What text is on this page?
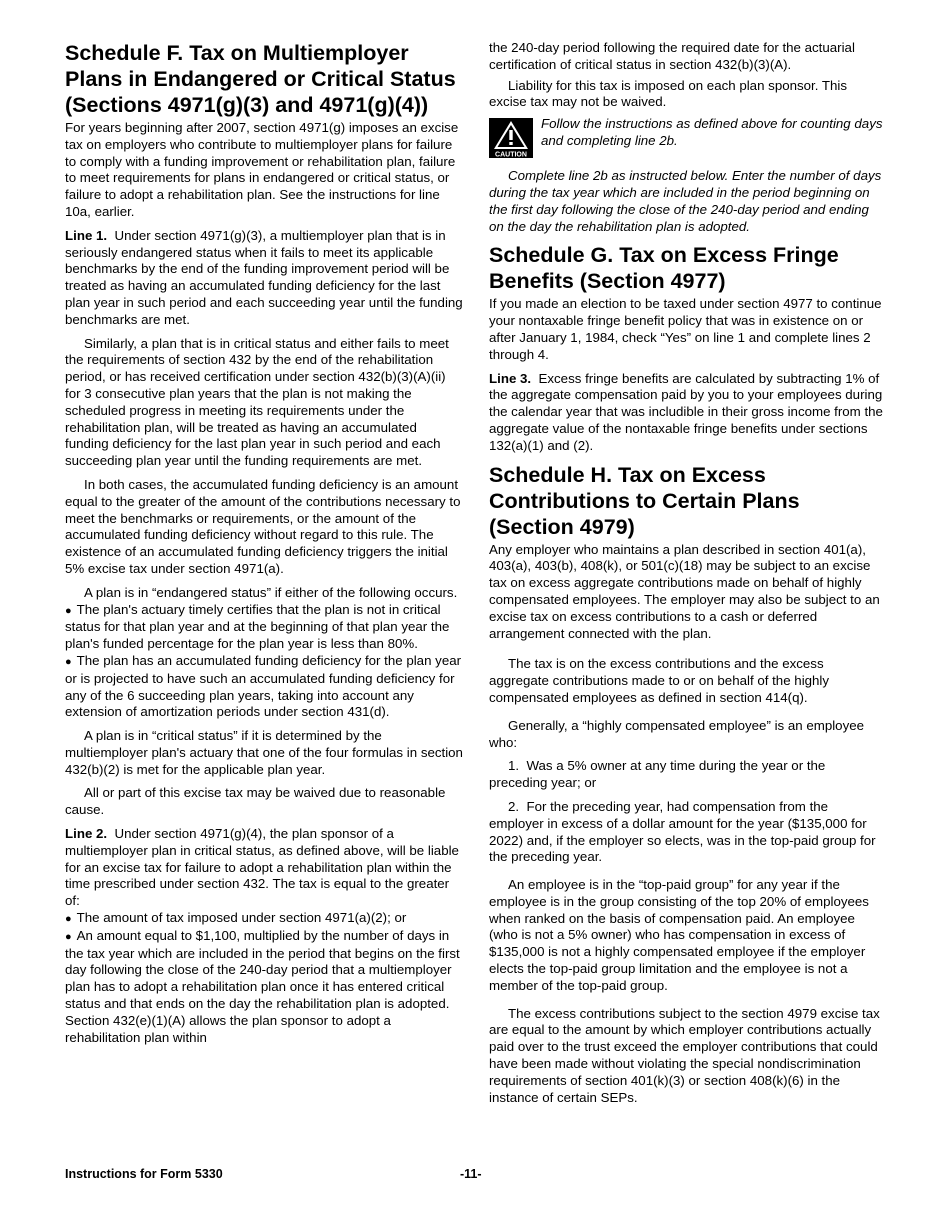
Schedule F. Tax on Multiemployer Plans in Endangered or Critical Status (Sections 4971(g)(3) and 4971(g)(4))

For years beginning after 2007, section 4971(g) imposes an excise tax on employers who contribute to multiemployer plans for failure to comply with a funding improvement or rehabilitation plan, failure to meet requirements for plans in endangered or critical status, or failure to adopt a rehabilitation plan. See the instructions for line 10a, earlier.

Line 1. Under section 4971(g)(3), a multiemployer plan that is in seriously endangered status when it fails to meet its applicable benchmarks by the end of the funding improvement period will be treated as having an accumulated funding deficiency for the last plan year in such period and each succeeding year until the funding benchmarks are met.

Similarly, a plan that is in critical status and either fails to meet the requirements of section 432 by the end of the rehabilitation period, or has received certification under section 432(b)(3)(A)(ii) for 3 consecutive plan years that the plan is not making the scheduled progress in meeting its requirements under the rehabilitation plan, will be treated as having an accumulated funding deficiency for the last plan year in such period and each succeeding plan year until the funding requirements are met.

In both cases, the accumulated funding deficiency is an amount equal to the greater of the amount of the contributions necessary to meet the benchmarks or requirements, or the amount of the accumulated funding deficiency without regard to this rule. The existence of an accumulated funding deficiency triggers the initial 5% excise tax under section 4971(a).

A plan is in “endangered status” if either of the following occurs.

● The plan's actuary timely certifies that the plan is not in critical status for that plan year and at the beginning of that plan year the plan's funded percentage for the plan year is less than 80%.
● The plan has an accumulated funding deficiency for the plan year or is projected to have such an accumulated funding deficiency for any of the 6 succeeding plan years, taking into account any extension of amortization periods under section 431(d).

A plan is in “critical status” if it is determined by the multiemployer plan's actuary that one of the four formulas in section 432(b)(2) is met for the applicable plan year.

All or part of this excise tax may be waived due to reasonable cause.

Line 2. Under section 4971(g)(4), the plan sponsor of a multiemployer plan in critical status, as defined above, will be liable for an excise tax for failure to adopt a rehabilitation plan within the time prescribed under section 432. The tax is equal to the greater of:

● The amount of tax imposed under section 4971(a)(2); or
● An amount equal to $1,100, multiplied by the number of days in the tax year which are included in the period that begins on the first day following the close of the 240-day period that a multiemployer plan has to adopt a rehabilitation plan once it has entered critical status and that ends on the day the rehabilitation plan is adopted. Section 432(e)(1)(A) allows the plan sponsor to adopt a rehabilitation plan within

the 240-day period following the required date for the actuarial certification of critical status in section 432(b)(3)(A).

Liability for this tax is imposed on each plan sponsor. This excise tax may not be waived.

CAUTION
Follow the instructions as defined above for counting days and completing line 2b.

Complete line 2b as instructed below. Enter the number of days during the tax year which are included in the period beginning on the first day following the close of the 240-day period and ending on the day the rehabilitation plan is adopted.

Schedule G. Tax on Excess Fringe Benefits (Section 4977)

If you made an election to be taxed under section 4977 to continue your nontaxable fringe benefit policy that was in existence on or after January 1, 1984, check “Yes” on line 1 and complete lines 2 through 4.

Line 3. Excess fringe benefits are calculated by subtracting 1% of the aggregate compensation paid by you to your employees during the calendar year that was includible in their gross income from the aggregate value of the nontaxable fringe benefits under sections 132(a)(1) and (2).

Schedule H. Tax on Excess Contributions to Certain Plans (Section 4979)

Any employer who maintains a plan described in section 401(a), 403(a), 403(b), 408(k), or 501(c)(18) may be subject to an excise tax on excess aggregate contributions made on behalf of highly compensated employees. The employer may also be subject to an excise tax on excess contributions to a cash or deferred arrangement connected with the plan.

The tax is on the excess contributions and the excess aggregate contributions made to or on behalf of the highly compensated employees as defined in section 414(q).

Generally, a “highly compensated employee” is an employee who:

1.  Was a 5% owner at any time during the year or the preceding year; or

2.  For the preceding year, had compensation from the employer in excess of a dollar amount for the year ($135,000 for 2022) and, if the employer so elects, was in the top-paid group for the preceding year.

An employee is in the “top-paid group” for any year if the employee is in the group consisting of the top 20% of employees when ranked on the basis of compensation paid. An employee (who is not a 5% owner) who has compensation in excess of $135,000 is not a highly compensated employee if the employer elects the top-paid group limitation and the employee is not a member of the top-paid group.

The excess contributions subject to the section 4979 excise tax are equal to the amount by which employer contributions actually paid over to the trust exceed the employer contributions that could have been made without violating the special nondiscrimination requirements of section 401(k)(3) or section 408(k)(6) in the instance of certain SEPs.

Instructions for Form 5330	-11-
